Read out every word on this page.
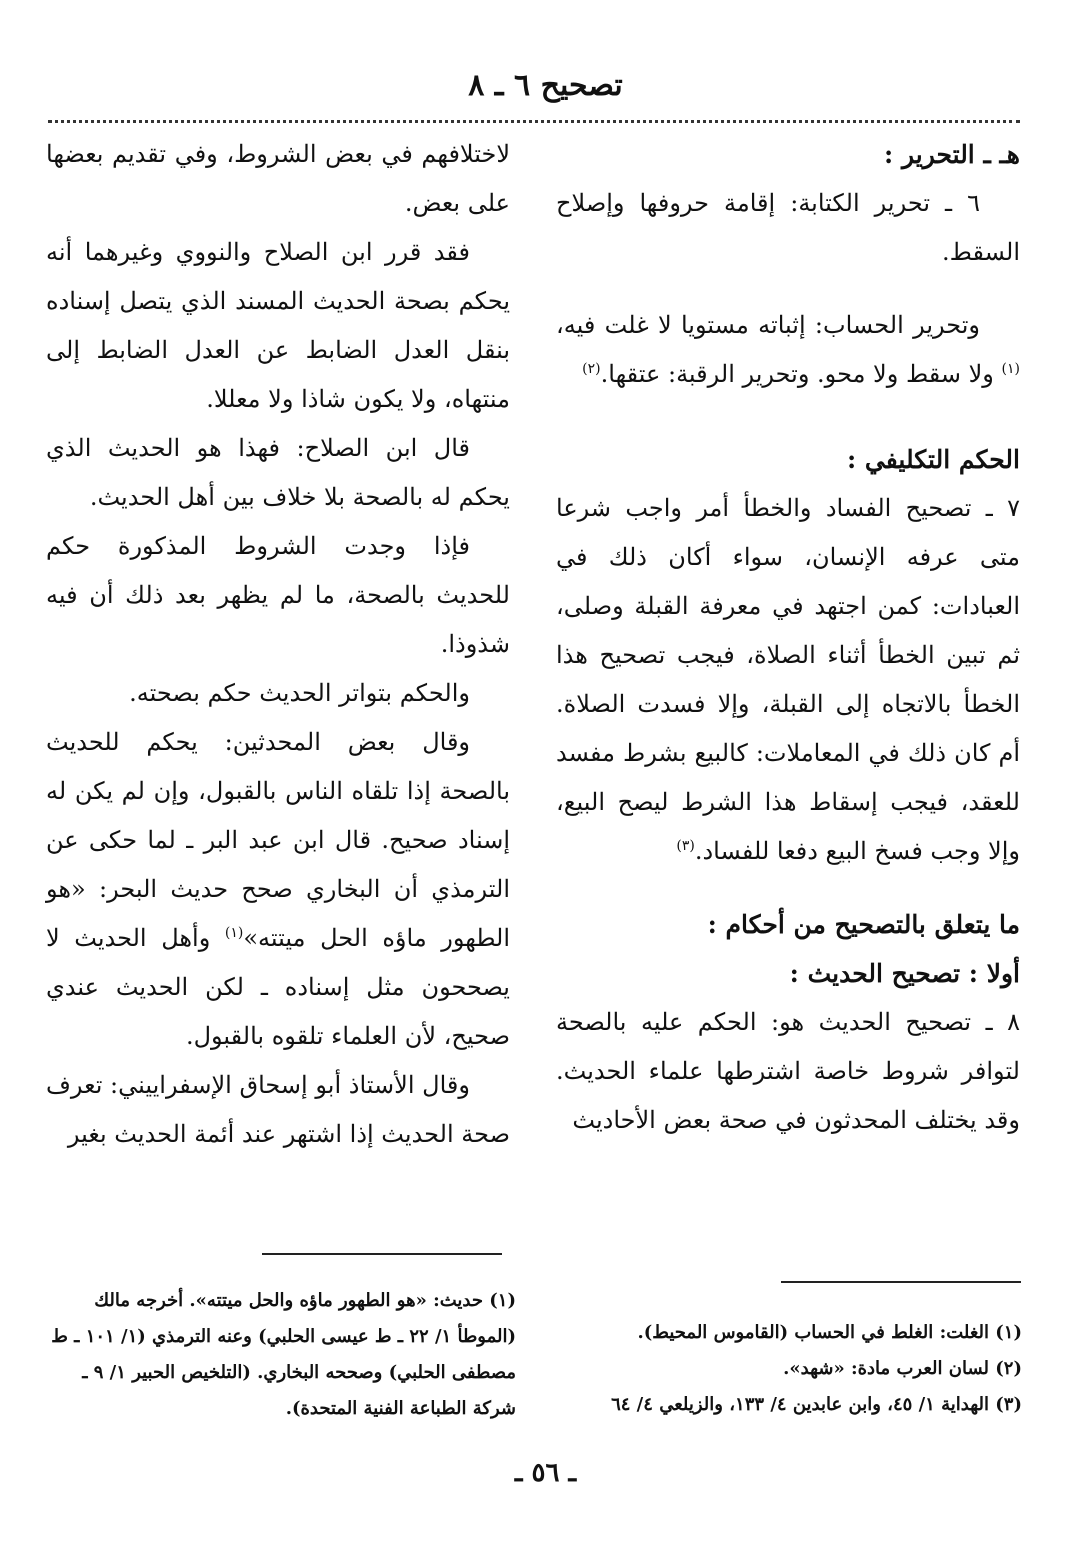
تصحيح ٦ ـ ٨

هـ ـ التحرير :

٦ ـ تحرير الكتابة: إقامة حروفها وإصلاح السقط.

وتحرير الحساب: إثباته مستويا لا غلت فيه،$^{(١)}$ ولا سقط ولا محو. وتحرير الرقبة: عتقها.$^{(٢)}$

الحكم التكليفي :

٧ ـ تصحيح الفساد والخطأ أمر واجب شرعا متى عرفه الإنسان، سواء أكان ذلك في العبادات: كمن اجتهد في معرفة القبلة وصلى، ثم تبين الخطأ أثناء الصلاة، فيجب تصحيح هذا الخطأ بالاتجاه إلى القبلة، وإلا فسدت الصلاة. أم كان ذلك في المعاملات: كالبيع بشرط مفسد للعقد، فيجب إسقاط هذا الشرط ليصح البيع، وإلا وجب فسخ البيع دفعا للفساد.$^{(٣)}$

ما يتعلق بالتصحيح من أحكام :

أولا : تصحيح الحديث :

٨ ـ تصحيح الحديث هو: الحكم عليه بالصحة لتوافر شروط خاصة اشترطها علماء الحديث. وقد يختلف المحدثون في صحة بعض الأحاديث

لاختلافهم في بعض الشروط، وفي تقديم بعضها على بعض.

فقد قرر ابن الصلاح والنووي وغيرهما أنه يحكم بصحة الحديث المسند الذي يتصل إسناده بنقل العدل الضابط عن العدل الضابط إلى منتهاه، ولا يكون شاذا ولا معللا.

قال ابن الصلاح: فهذا هو الحديث الذي يحكم له بالصحة بلا خلاف بين أهل الحديث.

فإذا وجدت الشروط المذكورة حكم للحديث بالصحة، ما لم يظهر بعد ذلك أن فيه شذوذا.

والحكم بتواتر الحديث حكم بصحته.

وقال بعض المحدثين: يحكم للحديث بالصحة إذا تلقاه الناس بالقبول، وإن لم يكن له إسناد صحيح. قال ابن عبد البر ـ لما حكى عن الترمذي أن البخاري صحح حديث البحر: «هو الطهور ماؤه الحل ميتته»$^{(١)}$ وأهل الحديث لا يصححون مثل إسناده ـ لكن الحديث عندي صحيح، لأن العلماء تلقوه بالقبول.

وقال الأستاذ أبو إسحاق الإسفراييني: تعرف صحة الحديث إذا اشتهر عند أئمة الحديث بغير

(١) الغلت: الغلط في الحساب (القاموس المحيط).

(٢) لسان العرب مادة: «شهد».

(٣) الهداية ١/ ٤٥، وابن عابدين ٤/ ١٣٣، والزيلعي ٤/ ٦٤

(١) حديث: «هو الطهور ماؤه والحل ميتته». أخرجه مالك (الموطأ ١/ ٢٢ ـ ط عيسى الحلبي) وعنه الترمذي (١/ ١٠١ ـ ط مصطفى الحلبي) وصححه البخاري. (التلخيص الحبير ١/ ٩ ـ شركة الطباعة الفنية المتحدة).

ـ ٥٦ ـ
